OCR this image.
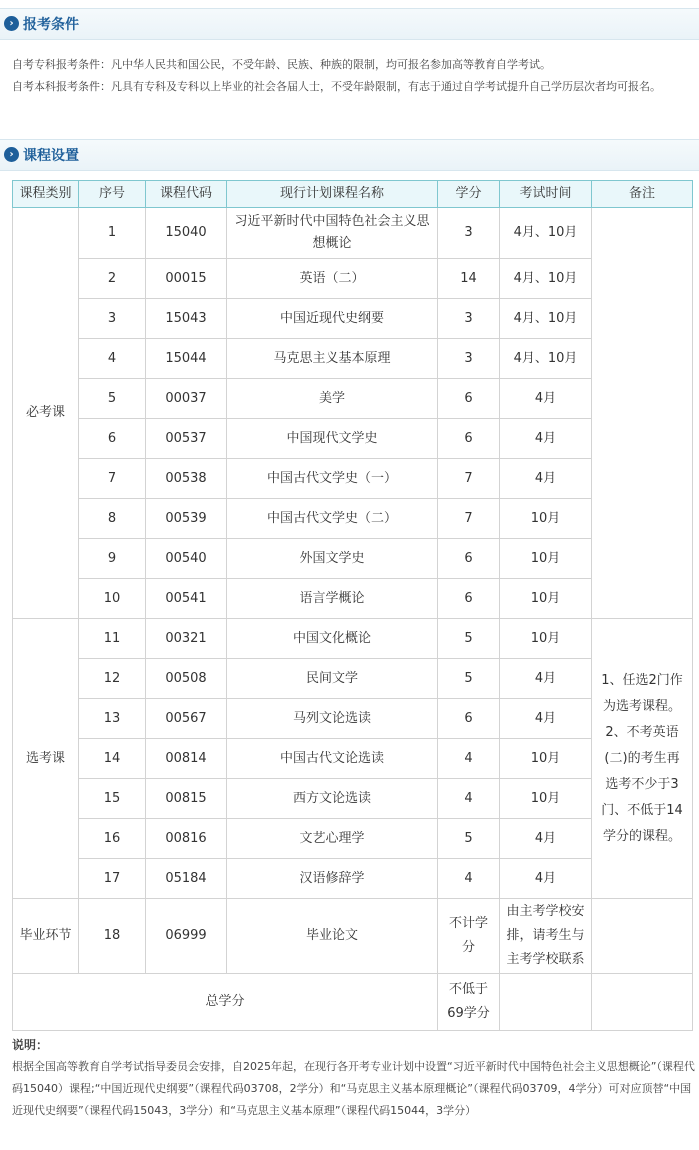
› 报考条件

自考专科报考条件：凡中华人民共和国公民，不受年龄、民族、种族的限制，均可报名参加高等教育自学考试。

自考本科报考条件：凡具有专科及专科以上毕业的社会各届人士，不受年龄限制，有志于通过自学考试提升自己学历层次者均可报名。

› 课程设置
课程类别	序号	课程代码	现行计划课程名称	学分	考试时间	备注
必考课	1	15040	习近平新时代中国特色社会主义思想概论	3	4月、10月	
	2	00015	英语（二）	14	4月、10月	
	3	15043	中国近现代史纲要	3	4月、10月	
	4	15044	马克思主义基本原理	3	4月、10月	
	5	00037	美学	6	4月	
	6	00537	中国现代文学史	6	4月	
	7	00538	中国古代文学史（一）	7	4月	
	8	00539	中国古代文学史（二）	7	10月	
	9	00540	外国文学史	6	10月	
	10	00541	语言学概论	6	10月	
选考课	11	00321	中国文化概论	5	10月	1、任选2门作为选考课程。2、不考英语(二)的考生再选考不少于3门、不低于14学分的课程。
	12	00508	民间文学	5	4月	
	13	00567	马列文论选读	6	4月	
	14	00814	中国古代文论选读	4	10月	
	15	00815	西方文论选读	4	10月	
	16	00816	文艺心理学	5	4月	
	17	05184	汉语修辞学	4	4月	
毕业环节	18	06999	毕业论文	不计学分	由主考学校安排，请考生与主考学校联系	
总学分				不低于69学分		
说明：
根据全国高等教育自学考试指导委员会安排，自2025年起，在现行各开考专业计划中设置“习近平新时代中国特色社会主义思想概论”（课程代码15040）课程;“中国近现代史纲要”（课程代码03708，2学分）和“马克思主义基本原理概论”（课程代码03709，4学分）可对应顶替“中国近现代史纲要”（课程代码15043，3学分）和“马克思主义基本原理”（课程代码15044，3学分）
